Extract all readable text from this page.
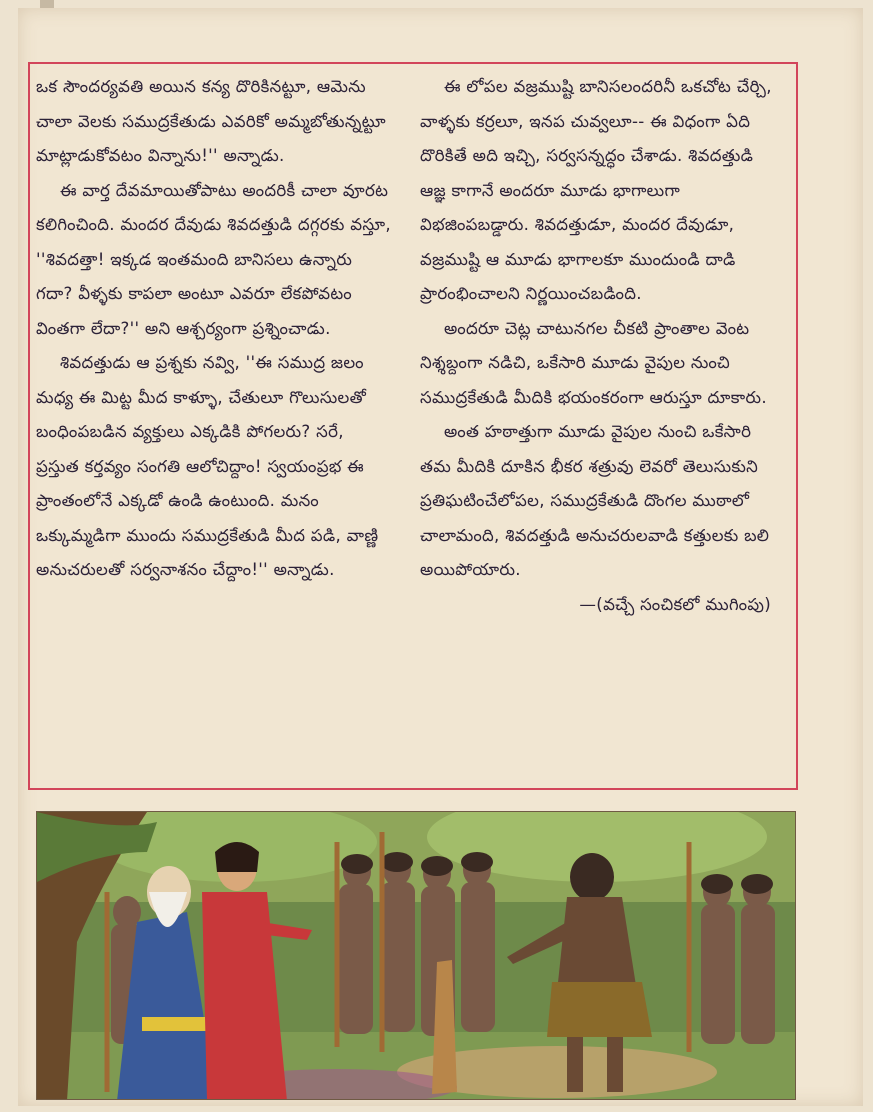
ఒక సౌందర్యవతి అయిన కన్య దొరికినట్టూ, ఆమెను చాలా వెలకు సముద్రకేతుడు ఎవరికో అమ్మబోతున్నట్టూ మాట్లాడుకోవటం విన్నాను!'' అన్నాడు.

ఈ వార్త దేవమాయితోపాటు అందరికీ చాలా వూరట కలిగించింది. మందర దేవుడు శివదత్తుడి దగ్గరకు వస్తూ, ''శివదత్తా! ఇక్కడ ఇంతమంది బానిసలు ఉన్నారు గదా? వీళ్ళకు కాపలా అంటూ ఎవరూ లేకపోవటం వింతగా లేదా?'' అని ఆశ్చర్యంగా ప్రశ్నించాడు.

శివదత్తుడు ఆ ప్రశ్నకు నవ్వి, ''ఈ సముద్ర జలం మధ్య ఈ మిట్ట మీద కాళ్ళూ, చేతులూ గొలుసులతో బంధింపబడిన వ్యక్తులు ఎక్కడికి పోగలరు? సరే, ప్రస్తుత కర్తవ్యం సంగతి ఆలోచిద్దాం! స్వయంప్రభ ఈ ప్రాంతంలోనే ఎక్కడో ఉండి ఉంటుంది. మనం ఒక్కుమ్మడిగా ముందు సముద్రకేతుడి మీద పడి, వాణ్ణి అనుచరులతో సర్వనాశనం చేద్దాం!'' అన్నాడు.

ఈ లోపల వజ్రముష్టి బానిసలందరినీ ఒకచోట చేర్చి, వాళ్ళకు కర్రలూ, ఇనప చువ్వలూ-- ఈ విధంగా ఏది దొరికితే అది ఇచ్చి, సర్వసన్నద్ధం చేశాడు. శివదత్తుడి ఆజ్ఞ కాగానే అందరూ మూడు భాగాలుగా విభజింపబడ్డారు. శివదత్తుడూ, మందర దేవుడూ, వజ్రముష్టి ఆ మూడు భాగాలకూ ముందుండి దాడి ప్రారంభించాలని నిర్ణయించబడింది.

అందరూ చెట్ల చాటునగల చీకటి ప్రాంతాల వెంట నిశ్శబ్దంగా నడిచి, ఒకేసారి మూడు వైపుల నుంచి సముద్రకేతుడి మీదికి భయంకరంగా ఆరుస్తూ దూకారు.

అంత హఠాత్తుగా మూడు వైపుల నుంచి ఒకేసారి తమ మీదికి దూకిన భీకర శత్రువు లెవరో తెలుసుకుని ప్రతిఘటించేలోపల, సముద్రకేతుడి దొంగల ముఠాలో చాలామంది, శివదత్తుడి అనుచరులవాడి కత్తులకు బలి అయిపోయారు.

—(వచ్చే సంచికలో ముగింపు)
